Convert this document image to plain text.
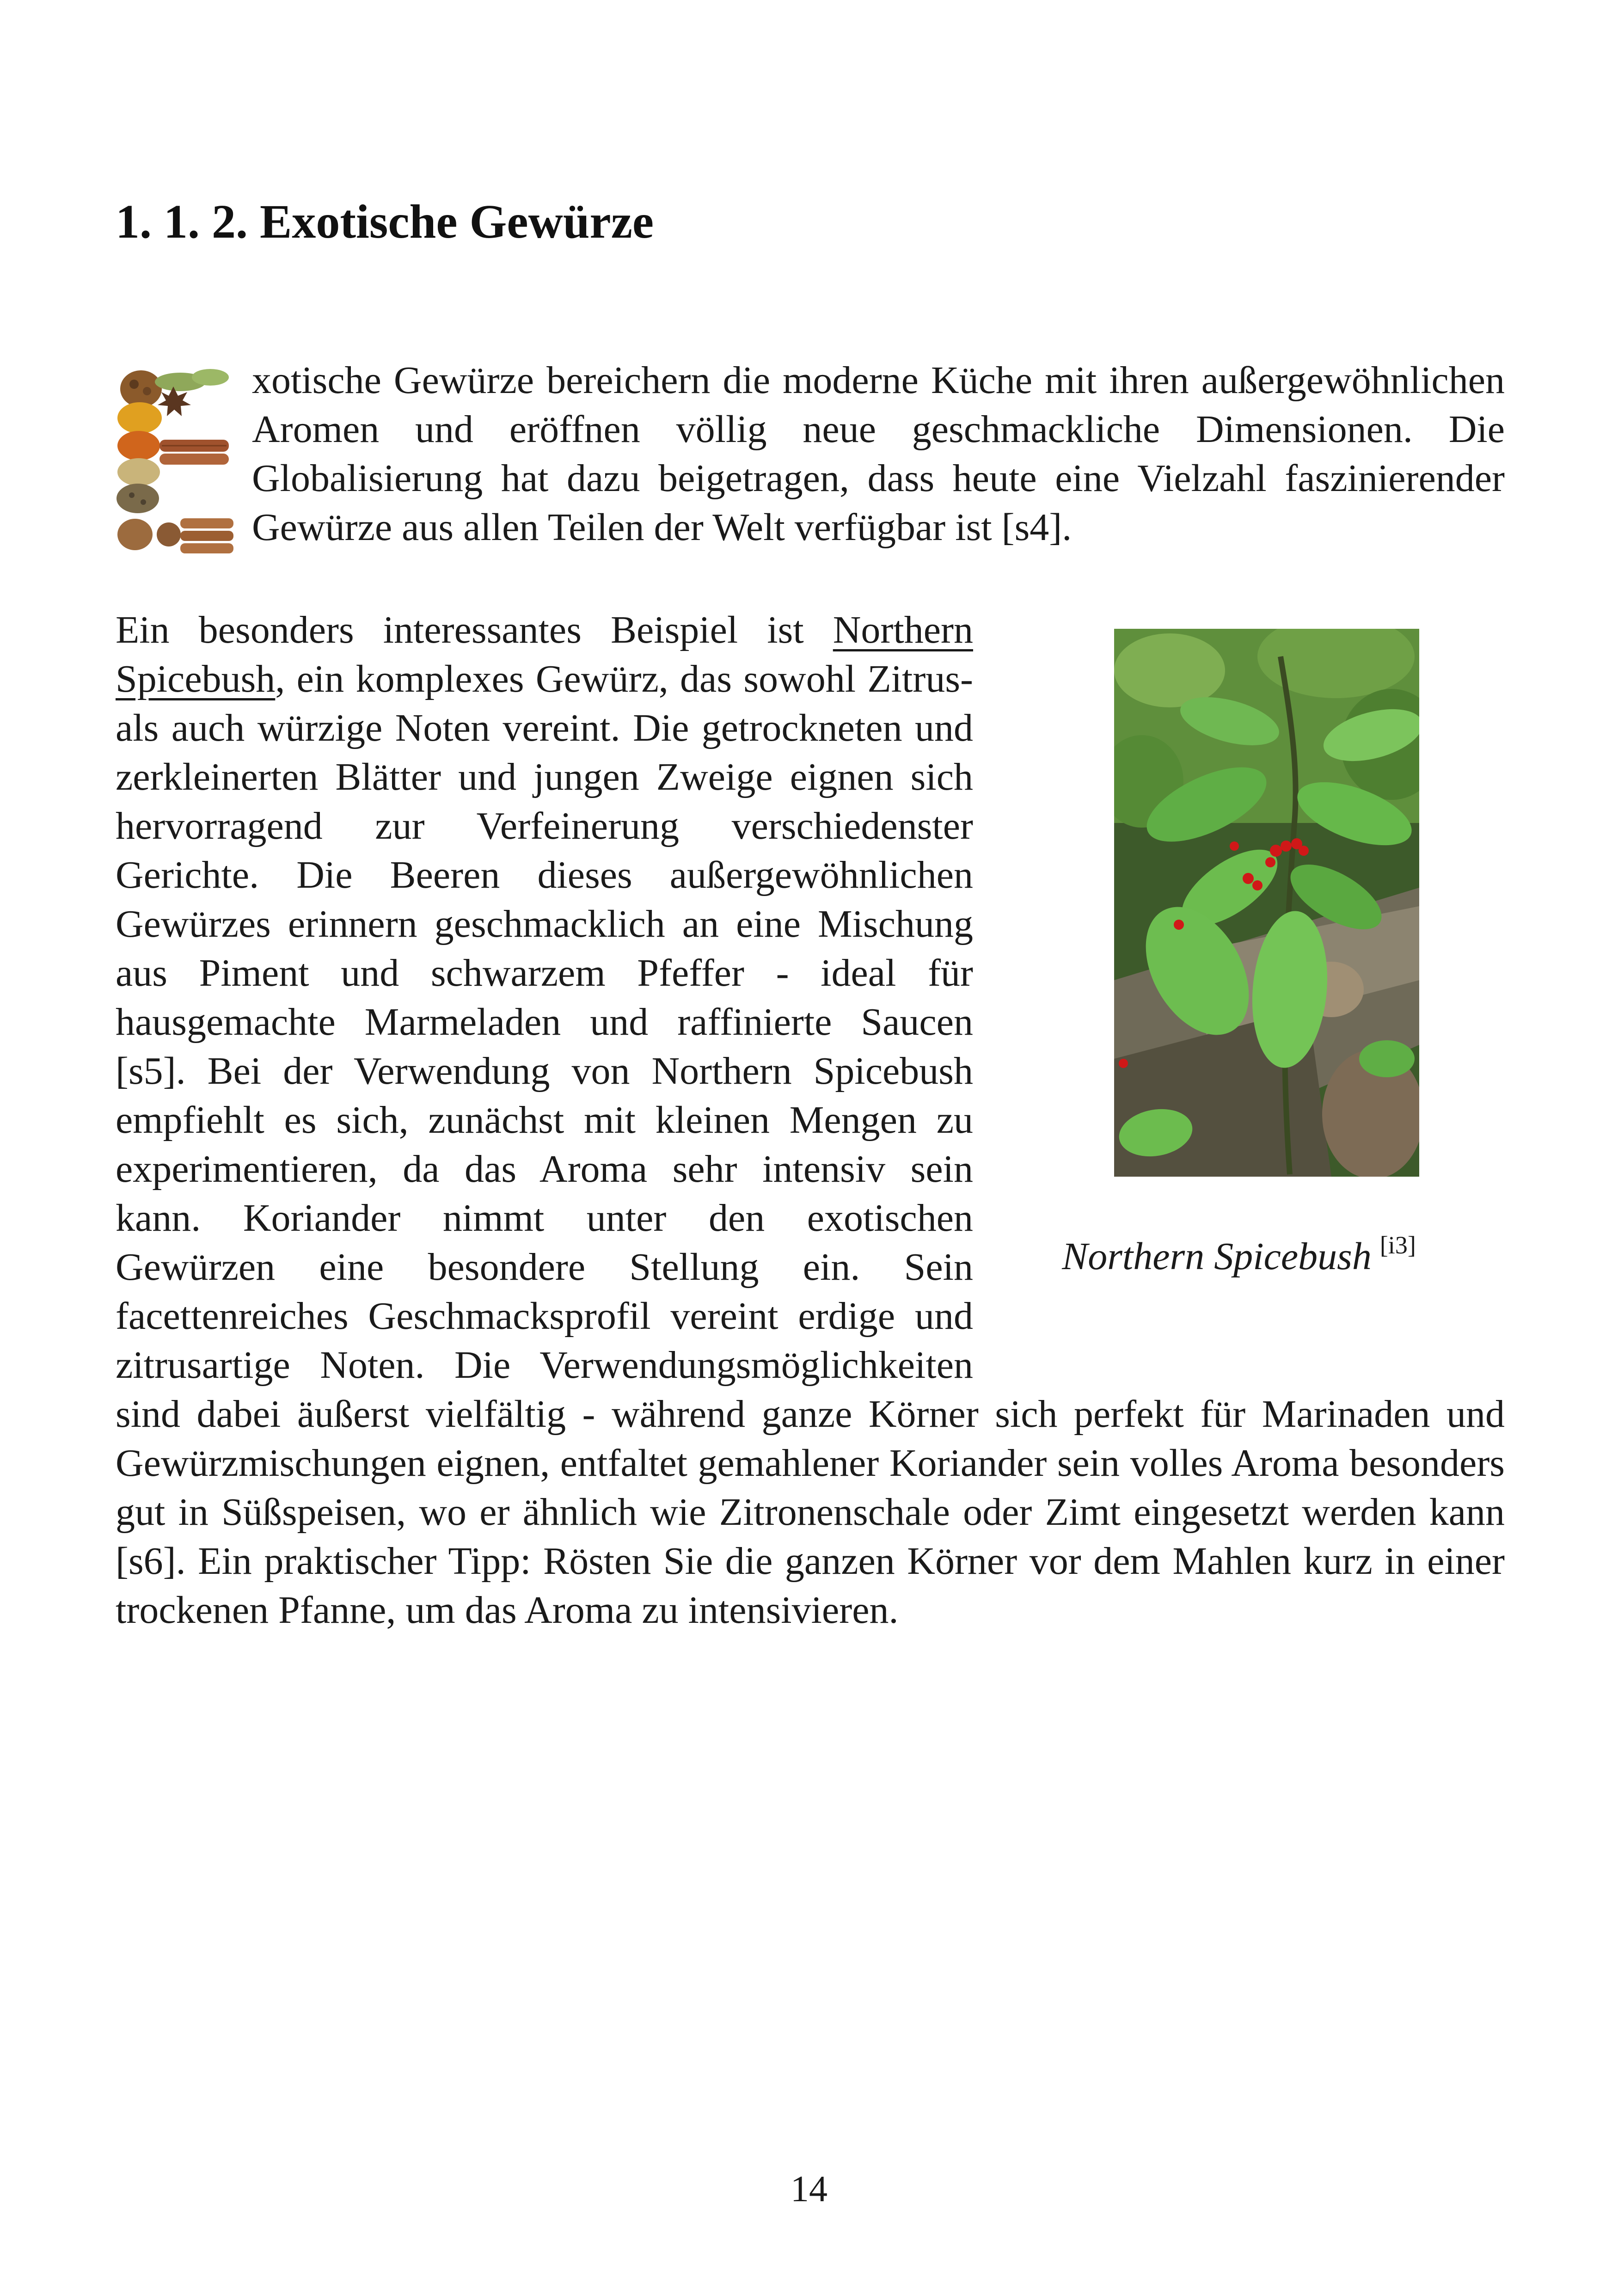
1. 1. 2. Exotische Gewürze
xotische Gewürze bereichern die moderne Küche mit ihren außergewöhnlichen Aromen und eröffnen völlig neue geschmackliche Dimensionen. Die Globalisierung hat dazu beigetragen, dass heute eine Vielzahl faszinierender Gewürze aus allen Teilen der Welt verfügbar ist [s4].
Northern Spicebush [i3]
Ein besonders interessantes Beispiel ist Northern Spicebush, ein komplexes Gewürz, das sowohl Zitrus- als auch würzige Noten vereint. Die getrockneten und zerkleinerten Blätter und jungen Zweige eignen sich hervorragend zur Verfeinerung verschiedenster Gerichte. Die Beeren dieses außergewöhnlichen Gewürzes erinnern geschmacklich an eine Mischung aus Piment und schwarzem Pfeffer - ideal für hausgemachte Marmeladen und raffinierte Saucen [s5]. Bei der Verwendung von Northern Spicebush empfiehlt es sich, zunächst mit kleinen Mengen zu experimentieren, da das Aroma sehr intensiv sein kann. Koriander nimmt unter den exotischen Gewürzen eine besondere Stellung ein. Sein facettenreiches Geschmacksprofil vereint erdige und zitrusartige Noten. Die Verwendungsmöglichkeiten sind dabei äußerst vielfältig - während ganze Körner sich perfekt für Marinaden und Gewürzmischungen eignen, entfaltet gemahlener Koriander sein volles Aroma besonders gut in Süßspeisen, wo er ähnlich wie Zitronenschale oder Zimt eingesetzt werden kann [s6]. Ein praktischer Tipp: Rösten Sie die ganzen Körner vor dem Mahlen kurz in einer trockenen Pfanne, um das Aroma zu intensivieren.
14
